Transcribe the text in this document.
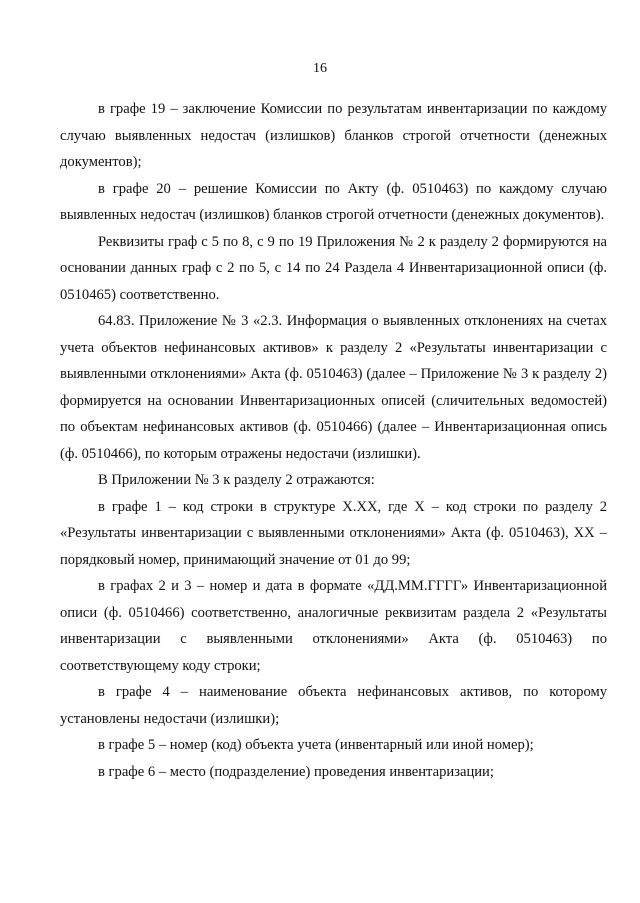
16

в графе 19 – заключение Комиссии по результатам инвентаризации по каждому случаю выявленных недостач (излишков) бланков строгой отчетности (денежных документов);

в графе 20 – решение Комиссии по Акту (ф. 0510463) по каждому случаю выявленных недостач (излишков) бланков строгой отчетности (денежных документов).

Реквизиты граф с 5 по 8, с 9 по 19 Приложения № 2 к разделу 2 формируются на основании данных граф с 2 по 5, с 14 по 24 Раздела 4 Инвентаризационной описи (ф. 0510465) соответственно.

64.83. Приложение № 3 «2.3. Информация о выявленных отклонениях на счетах учета объектов нефинансовых активов» к разделу 2 «Результаты инвентаризации с выявленными отклонениями» Акта (ф. 0510463) (далее – Приложение № 3 к разделу 2) формируется на основании Инвентаризационных описей (сличительных ведомостей) по объектам нефинансовых активов (ф. 0510466) (далее – Инвентаризационная опись (ф. 0510466), по которым отражены недостачи (излишки).

В Приложении № 3 к разделу 2 отражаются:

в графе 1 – код строки в структуре Х.ХХ, где Х – код строки по разделу 2 «Результаты инвентаризации с выявленными отклонениями» Акта (ф. 0510463), ХХ – порядковый номер, принимающий значение от 01 до 99;

в графах 2 и 3 – номер и дата в формате «ДД.ММ.ГГГГ» Инвентаризационной описи (ф. 0510466) соответственно, аналогичные реквизитам раздела 2 «Результаты инвентаризации с выявленными отклонениями» Акта (ф. 0510463) по соответствующему коду строки;

в графе 4 – наименование объекта нефинансовых активов, по которому установлены недостачи (излишки);

в графе 5 – номер (код) объекта учета (инвентарный или иной номер);

в графе 6 – место (подразделение) проведения инвентаризации;
